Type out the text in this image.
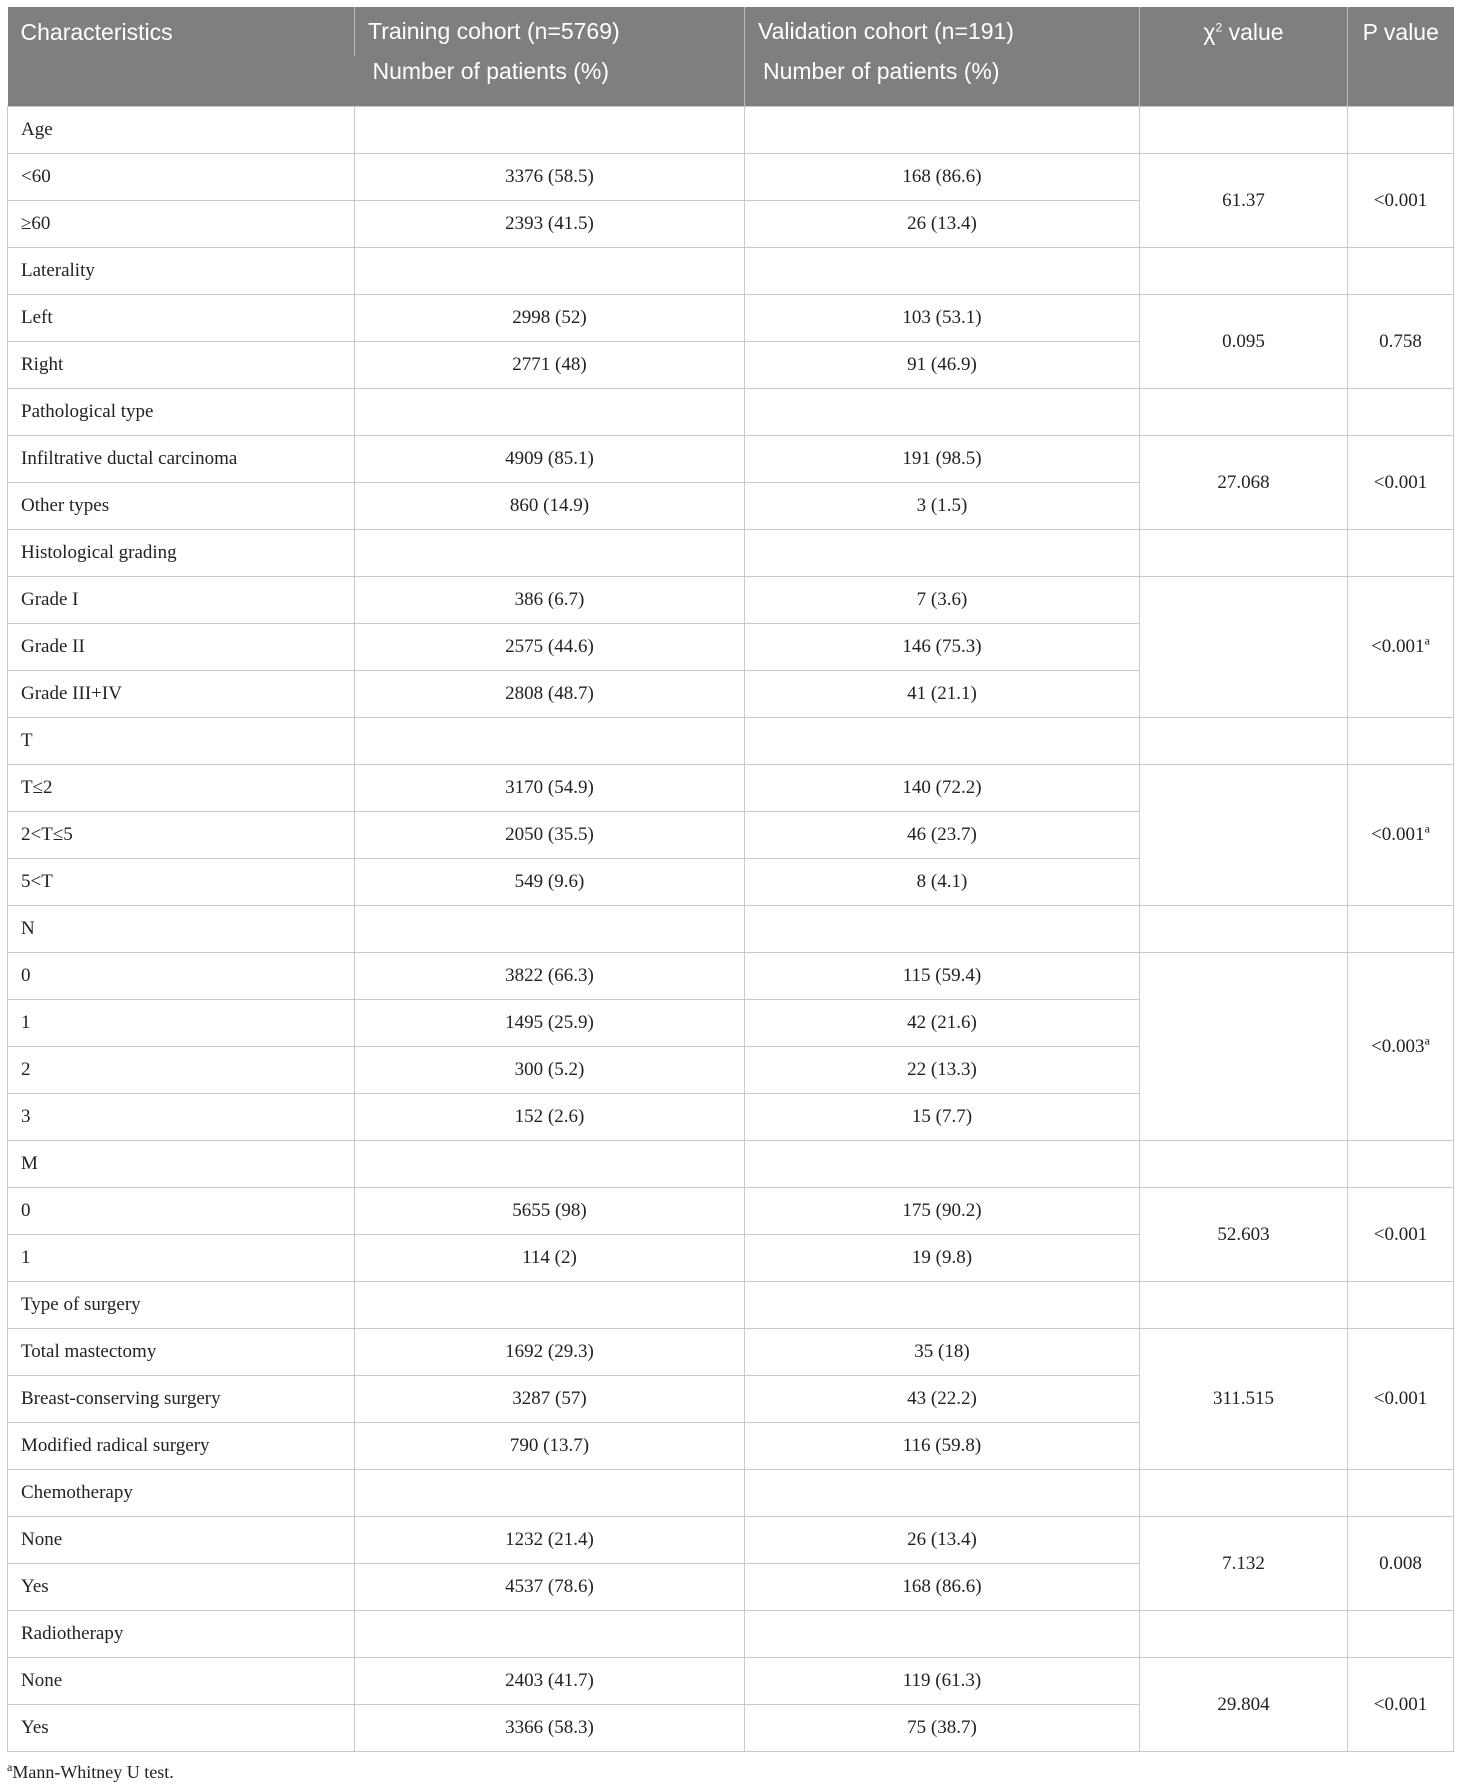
Characteristics	Training cohort (n=5769)	Validation cohort (n=191)	$\chi^2$ value	P value
	Number of patients (%)	Number of patients (%)		
Age				
<60	3376 (58.5)	168 (86.6)	61.37	<0.001
≥60	2393 (41.5)	26 (13.4)		
Laterality				
Left	2998 (52)	103 (53.1)	0.095	0.758
Right	2771 (48)	91 (46.9)		
Pathological type				
Infiltrative ductal carcinoma	4909 (85.1)	191 (98.5)	27.068	<0.001
Other types	860 (14.9)	3 (1.5)		
Histological grading				
Grade I	386 (6.7)	7 (3.6)		<0.001$^a$
Grade II	2575 (44.6)	146 (75.3)		
Grade III+IV	2808 (48.7)	41 (21.1)		
T				
T≤2	3170 (54.9)	140 (72.2)		<0.001$^a$
2<T≤5	2050 (35.5)	46 (23.7)		
5<T	549 (9.6)	8 (4.1)		
N				
0	3822 (66.3)	115 (59.4)		<0.003$^a$
1	1495 (25.9)	42 (21.6)		
2	300 (5.2)	22 (13.3)		
3	152 (2.6)	15 (7.7)		
M				
0	5655 (98)	175 (90.2)	52.603	<0.001
1	114 (2)	19 (9.8)		
Type of surgery				
Total mastectomy	1692 (29.3)	35 (18)	311.515	<0.001
Breast-conserving surgery	3287 (57)	43 (22.2)		
Modified radical surgery	790 (13.7)	116 (59.8)		
Chemotherapy				
None	1232 (21.4)	26 (13.4)	7.132	0.008
Yes	4537 (78.6)	168 (86.6)		
Radiotherapy				
None	2403 (41.7)	119 (61.3)	29.804	<0.001
Yes	3366 (58.3)	75 (38.7)		
$^a$Mann-Whitney U test.
